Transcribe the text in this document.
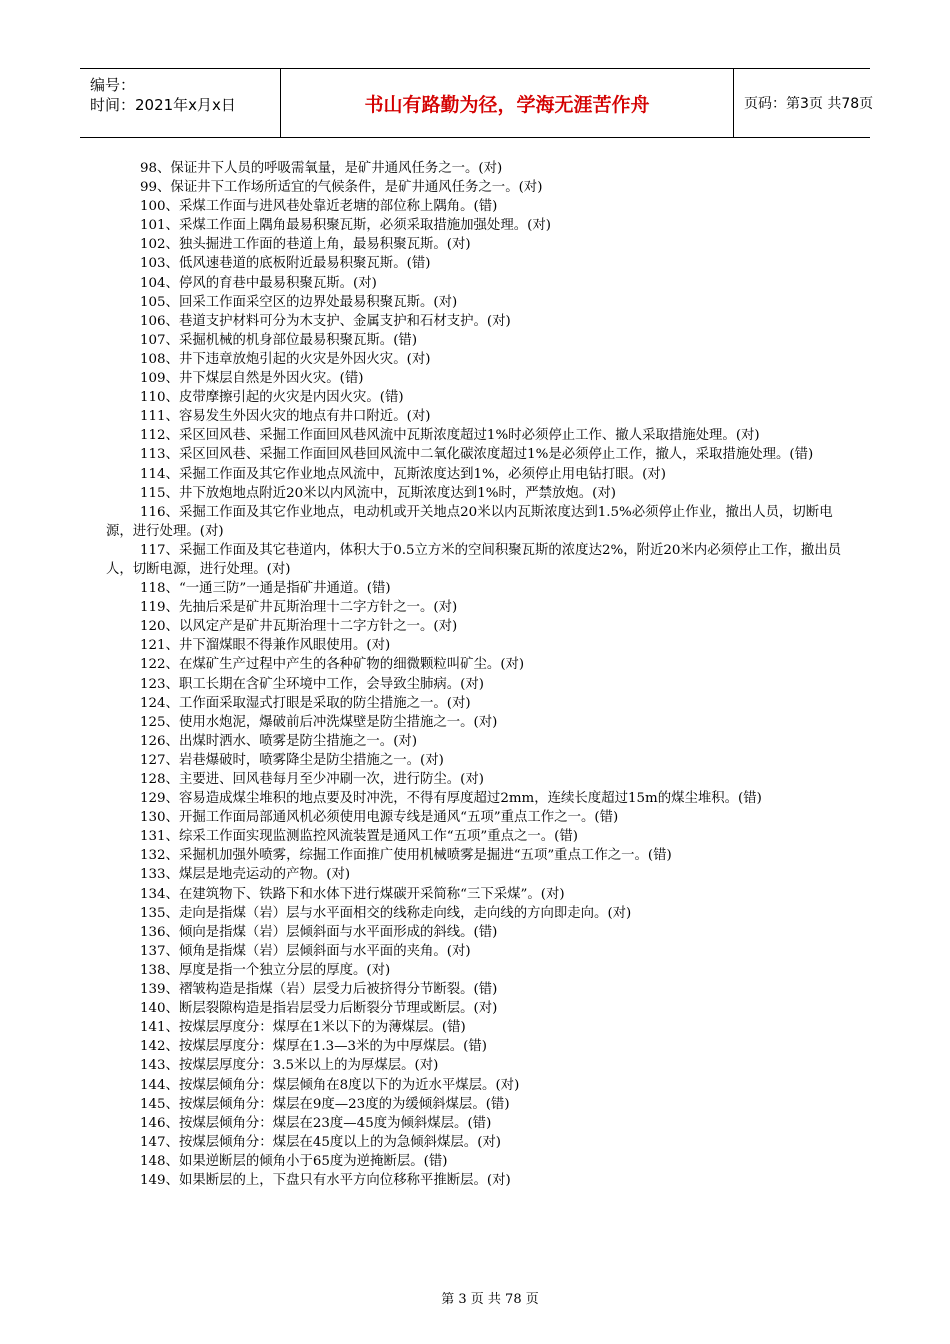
编号：
时间：2021年x月x日	书山有路勤为径，学海无涯苦作舟	页码：第3页 共78页
98、保证井下人员的呼吸需氧量，是矿井通风任务之一。(对)
99、保证井下工作场所适宜的气候条件，是矿井通风任务之一。(对)
100、采煤工作面与进风巷处靠近老塘的部位称上隅角。(错)
101、采煤工作面上隅角最易积聚瓦斯，必须采取措施加强处理。(对)
102、独头掘进工作面的巷道上角，最易积聚瓦斯。(对)
103、低风速巷道的底板附近最易积聚瓦斯。(错)
104、停风的育巷中最易积聚瓦斯。(对)
105、回采工作面采空区的边界处最易积聚瓦斯。(对)
106、巷道支护材料可分为木支护、金属支护和石材支护。(对)
107、采掘机械的机身部位最易积聚瓦斯。(错)
108、井下违章放炮引起的火灾是外因火灾。(对)
109、井下煤层自然是外因火灾。(错)
110、皮带摩擦引起的火灾是内因火灾。(错)
111、容易发生外因火灾的地点有井口附近。(对)
112、采区回风巷、采掘工作面回风巷风流中瓦斯浓度超过1%时必须停止工作、撤人采取措施处理。(对)
113、采区回风巷、采掘工作面回风巷回风流中二氧化碳浓度超过1%是必须停止工作，撤人，采取措施处理。(错)
114、采掘工作面及其它作业地点风流中，瓦斯浓度达到1%，必须停止用电钻打眼。(对)
115、井下放炮地点附近20米以内风流中，瓦斯浓度达到1%时，严禁放炮。(对)
116、采掘工作面及其它作业地点，电动机或开关地点20米以内瓦斯浓度达到1.5%必须停止作业，撤出人员，切断电源，进行处理。(对)
117、采掘工作面及其它巷道内，体积大于0.5立方米的空间积聚瓦斯的浓度达2%，附近20米内必须停止工作，撤出员人，切断电源，进行处理。(对)
118、“一通三防”一通是指矿井通道。(错)
119、先抽后采是矿井瓦斯治理十二字方针之一。(对)
120、以风定产是矿井瓦斯治理十二字方针之一。(对)
121、井下溜煤眼不得兼作风眼使用。(对)
122、在煤矿生产过程中产生的各种矿物的细微颗粒叫矿尘。(对)
123、职工长期在含矿尘环境中工作，会导致尘肺病。(对)
124、工作面采取湿式打眼是采取的防尘措施之一。(对)
125、使用水炮泥，爆破前后冲洗煤壁是防尘措施之一。(对)
126、出煤时洒水、喷雾是防尘措施之一。(对)
127、岩巷爆破时，喷雾降尘是防尘措施之一。(对)
128、主要进、回风巷每月至少冲刷一次，进行防尘。(对)
129、容易造成煤尘堆积的地点要及时冲洗，不得有厚度超过2mm，连续长度超过15m的煤尘堆积。(错)
130、开掘工作面局部通风机必须使用电源专线是通风“五项”重点工作之一。(错)
131、综采工作面实现监测监控风流装置是通风工作“五项”重点之一。(错)
132、采掘机加强外喷雾，综掘工作面推广使用机械喷雾是掘进“五项”重点工作之一。(错)
133、煤层是地壳运动的产物。(对)
134、在建筑物下、铁路下和水体下进行煤碳开采简称“三下采煤”。(对)
135、走向是指煤（岩）层与水平面相交的线称走向线，走向线的方向即走向。(对)
136、倾向是指煤（岩）层倾斜面与水平面形成的斜线。(错)
137、倾角是指煤（岩）层倾斜面与水平面的夹角。(对)
138、厚度是指一个独立分层的厚度。(对)
139、褶皱构造是指煤（岩）层受力后被挤得分节断裂。(错)
140、断层裂隙构造是指岩层受力后断裂分节理或断层。(对)
141、按煤层厚度分：煤厚在1米以下的为薄煤层。(错)
142、按煤层厚度分：煤厚在1.3—3米的为中厚煤层。(错)
143、按煤层厚度分：3.5米以上的为厚煤层。(对)
144、按煤层倾角分：煤层倾角在8度以下的为近水平煤层。(对)
145、按煤层倾角分：煤层在9度—23度的为缓倾斜煤层。(错)
146、按煤层倾角分：煤层在23度—45度为倾斜煤层。(错)
147、按煤层倾角分：煤层在45度以上的为急倾斜煤层。(对)
148、如果逆断层的倾角小于65度为逆掩断层。(错)
149、如果断层的上，下盘只有水平方向位移称平推断层。(对)
第 3 页 共 78 页
